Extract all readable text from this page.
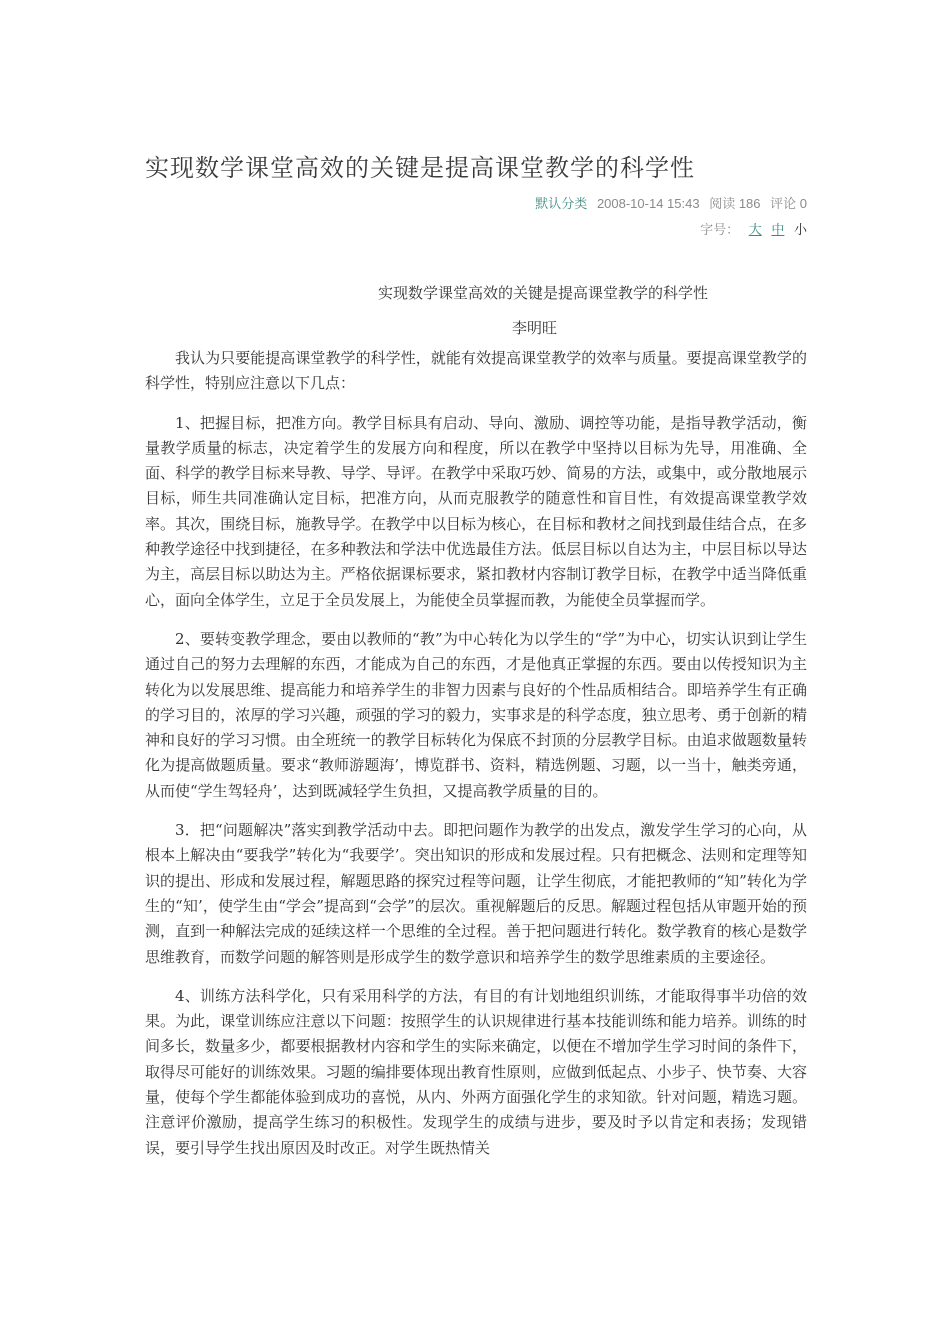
实现数学课堂高效的关键是提高课堂教学的科学性
默认分类 2008-10-14 15:43 阅读 186 评论 0
字号： 大 中 小
实现数学课堂高效的关键是提高课堂教学的科学性
李明旺

我认为只要能提高课堂教学的科学性，就能有效提高课堂教学的效率与质量。要提高课堂教学的科学性，特别应注意以下几点：

1、把握目标，把准方向。教学目标具有启动、导向、激励、调控等功能，是指导教学活动，衡量教学质量的标志，决定着学生的发展方向和程度，所以在教学中坚持以目标为先导，用准确、全面、科学的教学目标来导教、导学、导评。在教学中采取巧妙、简易的方法，或集中，或分散地展示目标，师生共同准确认定目标，把准方向，从而克服教学的随意性和盲目性，有效提高课堂教学效率。其次，围绕目标，施教导学。在教学中以目标为核心，在目标和教材之间找到最佳结合点，在多种教学途径中找到捷径，在多种教法和学法中优选最佳方法。低层目标以自达为主，中层目标以导达为主，高层目标以助达为主。严格依据课标要求，紧扣教材内容制订教学目标，在教学中适当降低重心，面向全体学生，立足于全员发展上，为能使全员掌握而教，为能使全员掌握而学。

2、要转变教学理念，要由以教师的“教”为中心转化为以学生的“学”为中心，切实认识到让学生通过自己的努力去理解的东西，才能成为自己的东西，才是他真正掌握的东西。要由以传授知识为主转化为以发展思维、提高能力和培养学生的非智力因素与良好的个性品质相结合。即培养学生有正确的学习目的，浓厚的学习兴趣，顽强的学习的毅力，实事求是的科学态度，独立思考、勇于创新的精神和良好的学习习惯。由全班统一的教学目标转化为保底不封顶的分层教学目标。由追求做题数量转化为提高做题质量。要求“教师游题海’，博览群书、资料，精选例题、习题，以一当十，触类旁通，从而使“学生驾轻舟’，达到既减轻学生负担，又提高教学质量的目的。

3．把“问题解决”落实到教学活动中去。即把问题作为教学的出发点，激发学生学习的心向，从根本上解决由“要我学”转化为“我要学’。突出知识的形成和发展过程。只有把概念、法则和定理等知识的提出、形成和发展过程，解题思路的探究过程等问题，让学生彻底，才能把教师的“知”转化为学生的“知’，使学生由“学会”提高到“会学”的层次。重视解题后的反思。解题过程包括从审题开始的预测，直到一种解法完成的延续这样一个思维的全过程。善于把问题进行转化。数学教育的核心是数学思维教育，而数学问题的解答则是形成学生的数学意识和培养学生的数学思维素质的主要途径。

4、训练方法科学化，只有采用科学的方法，有目的有计划地组织训练，才能取得事半功倍的效果。为此，课堂训练应注意以下问题：按照学生的认识规律进行基本技能训练和能力培养。训练的时间多长，数量多少，都要根据教材内容和学生的实际来确定，以便在不增加学生学习时间的条件下，取得尽可能好的训练效果。习题的编排要体现出教育性原则，应做到低起点、小步子、快节奏、大容量，使每个学生都能体验到成功的喜悦，从内、外两方面强化学生的求知欲。针对问题，精选习题。注意评价激励，提高学生练习的积极性。发现学生的成绩与进步，要及时予以肯定和表扬；发现错误，要引导学生找出原因及时改正。对学生既热情关
